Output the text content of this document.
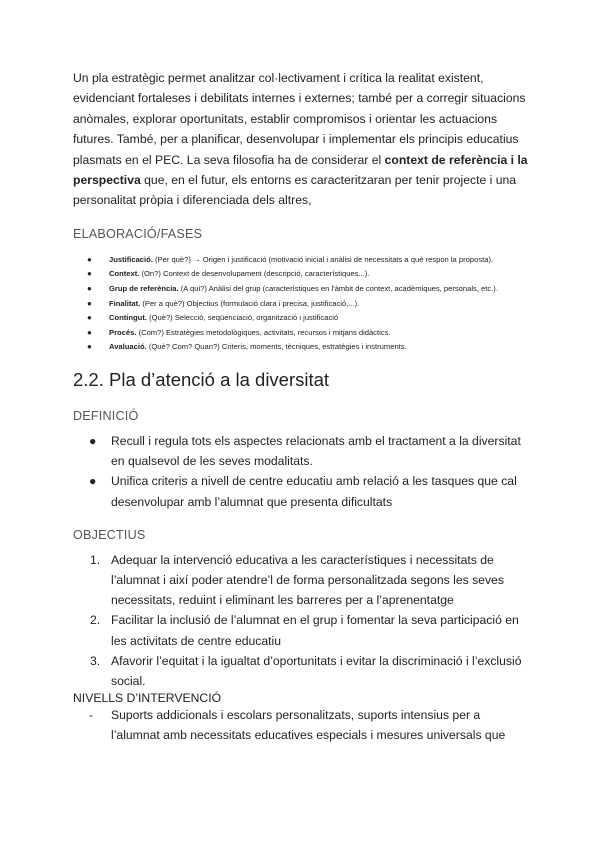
Un pla estratègic permet analitzar col·lectivament i crítica la realitat existent, evidenciant fortaleses i debilitats internes i externes; també per a corregir situacions anòmales, explorar oportunitats, establir compromisos i orientar les actuacions futures. També, per a planificar, desenvolupar i implementar els principis educatius plasmats en el PEC. La seva filosofia ha de considerar el context de referència i la perspectiva que, en el futur, els entorns es caracteritzaran per tenir projecte i una personalitat pròpia i diferenciada dels altres,

ELABORACIÓ/FASES

● Justificació. (Per què?) → Origen i justificació (motivació inicial i anàlisi de necessitats a què respon la proposta).
● Context. (On?) Context de desenvolupament (descripció, característiques...).
● Grup de referència. (A qui?) Anàlisi del grup (característiques en l'àmbit de context, acadèmiques, personals, etc.).
● Finalitat. (Per a què?) Objectius (formulació clara i precisa, justificació,...).
● Contingut. (Què?) Selecció, seqüenciació, organització i justificació
● Procés. (Com?) Estratègies metodològiques, activitats, recursos i mitjans didàctics.
● Avaluació. (Què? Com? Quan?) Criteris, moments, tècniques, estratègies i instruments.
2.2. Pla d’atenció a la diversitat

DEFINICIÓ

● Recull i regula tots els aspectes relacionats amb el tractament a la diversitat en qualsevol de les seves modalitats.
● Unifica criteris a nivell de centre educatiu amb relació a les tasques que cal desenvolupar amb l’alumnat que presenta dificultats

OBJECTIUS

1. Adequar la intervenció educativa a les característiques i necessitats de l’alumnat i així poder atendre’l de forma personalitzada segons les seves necessitats, reduint i eliminant les barreres per a l’aprenentatge
2. Facilitar la inclusió de l’alumnat en el grup i fomentar la seva participació en les activitats de centre educatiu
3. Afavorir l’equitat i la igualtat d’oportunitats i evitar la discriminació i l’exclusió social.

NIVELLS D’INTERVENCIÓ

- Suports addicionals i escolars personalitzats, suports intensius per a l’alumnat amb necessitats educatives especials i mesures universals que
